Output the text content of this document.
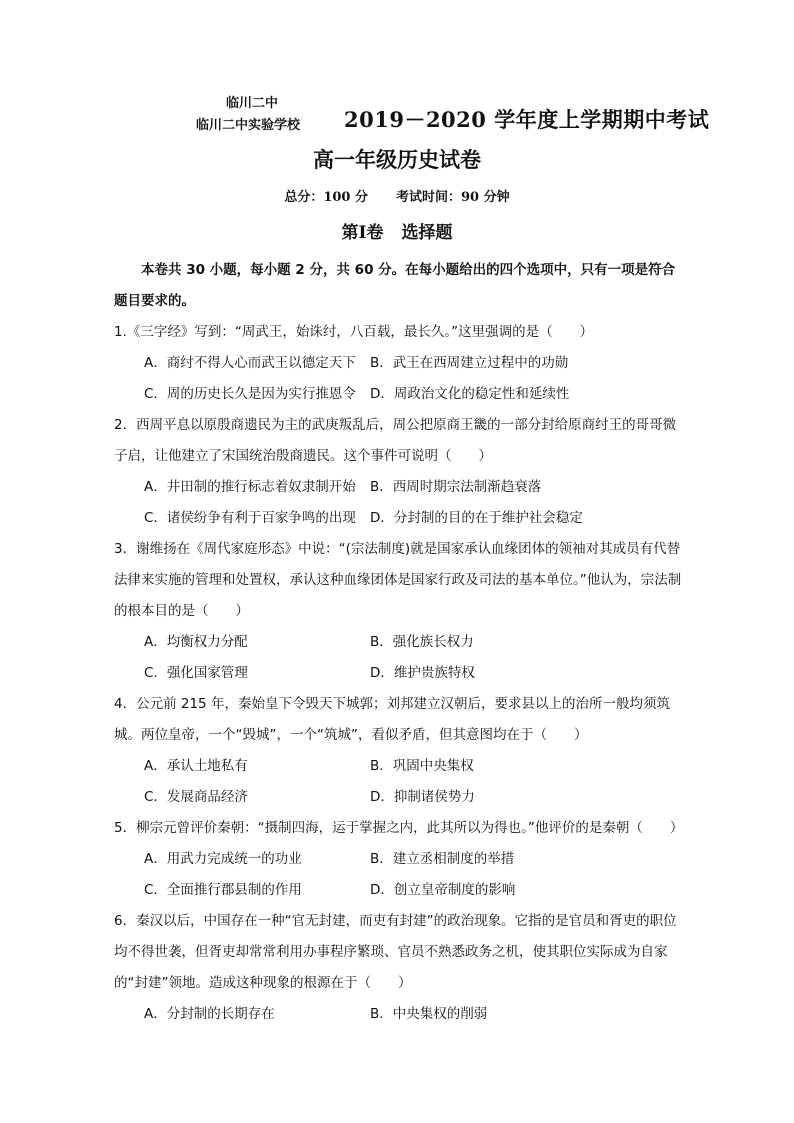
临川二中
临川二中实验学校	2019－2020 学年度上学期期中考试
高一年级历史试卷
总分：100 分 考试时间：90 分钟
第Ⅰ卷 选择题

本卷共 30 小题，每小题 2 分，共 60 分。在每小题给出的四个选项中，只有一项是符合题目要求的。

1.《三字经》写到：“周武王，始诛纣，八百载，最长久。”这里强调的是（　　）

A．商纣不得人心而武王以德定天下	B．武王在西周建立过程中的功勋
C．周的历史长久是因为实行推恩令	D．周政治文化的稳定性和延续性

2．西周平息以原殷商遗民为主的武庚叛乱后，周公把原商王畿的一部分封给原商纣王的哥哥微子启，让他建立了宋国统治殷商遗民。这个事件可说明（　　）

A．井田制的推行标志着奴隶制开始	B．西周时期宗法制渐趋衰落
C．诸侯纷争有利于百家争鸣的出现	D．分封制的目的在于维护社会稳定

3．谢维扬在《周代家庭形态》中说：“(宗法制度)就是国家承认血缘团体的领袖对其成员有代替法律来实施的管理和处置权，承认这种血缘团体是国家行政及司法的基本单位。”他认为，宗法制的根本目的是（　　）

A．均衡权力分配	B．强化族长权力
C．强化国家管理	D．维护贵族特权

4．公元前 215 年，秦始皇下令毁天下城郭；刘邦建立汉朝后，要求县以上的治所一般均须筑城。两位皇帝，一个“毁城”，一个“筑城”，看似矛盾，但其意图均在于（　　）

A．承认土地私有	B．巩固中央集权
C．发展商品经济	D．抑制诸侯势力

5．柳宗元曾评价秦朝：“摄制四海，运于掌握之内，此其所以为得也。”他评价的是秦朝（　　）

A．用武力完成统一的功业	B．建立丞相制度的举措
C．全面推行郡县制的作用	D．创立皇帝制度的影响

6．秦汉以后，中国存在一种“官无封建，而吏有封建”的政治现象。它指的是官员和胥吏的职位均不得世袭，但胥吏却常常利用办事程序繁琐、官员不熟悉政务之机，使其职位实际成为自家的“封建”领地。造成这种现象的根源在于（　　）

A．分封制的长期存在	B．中央集权的削弱
